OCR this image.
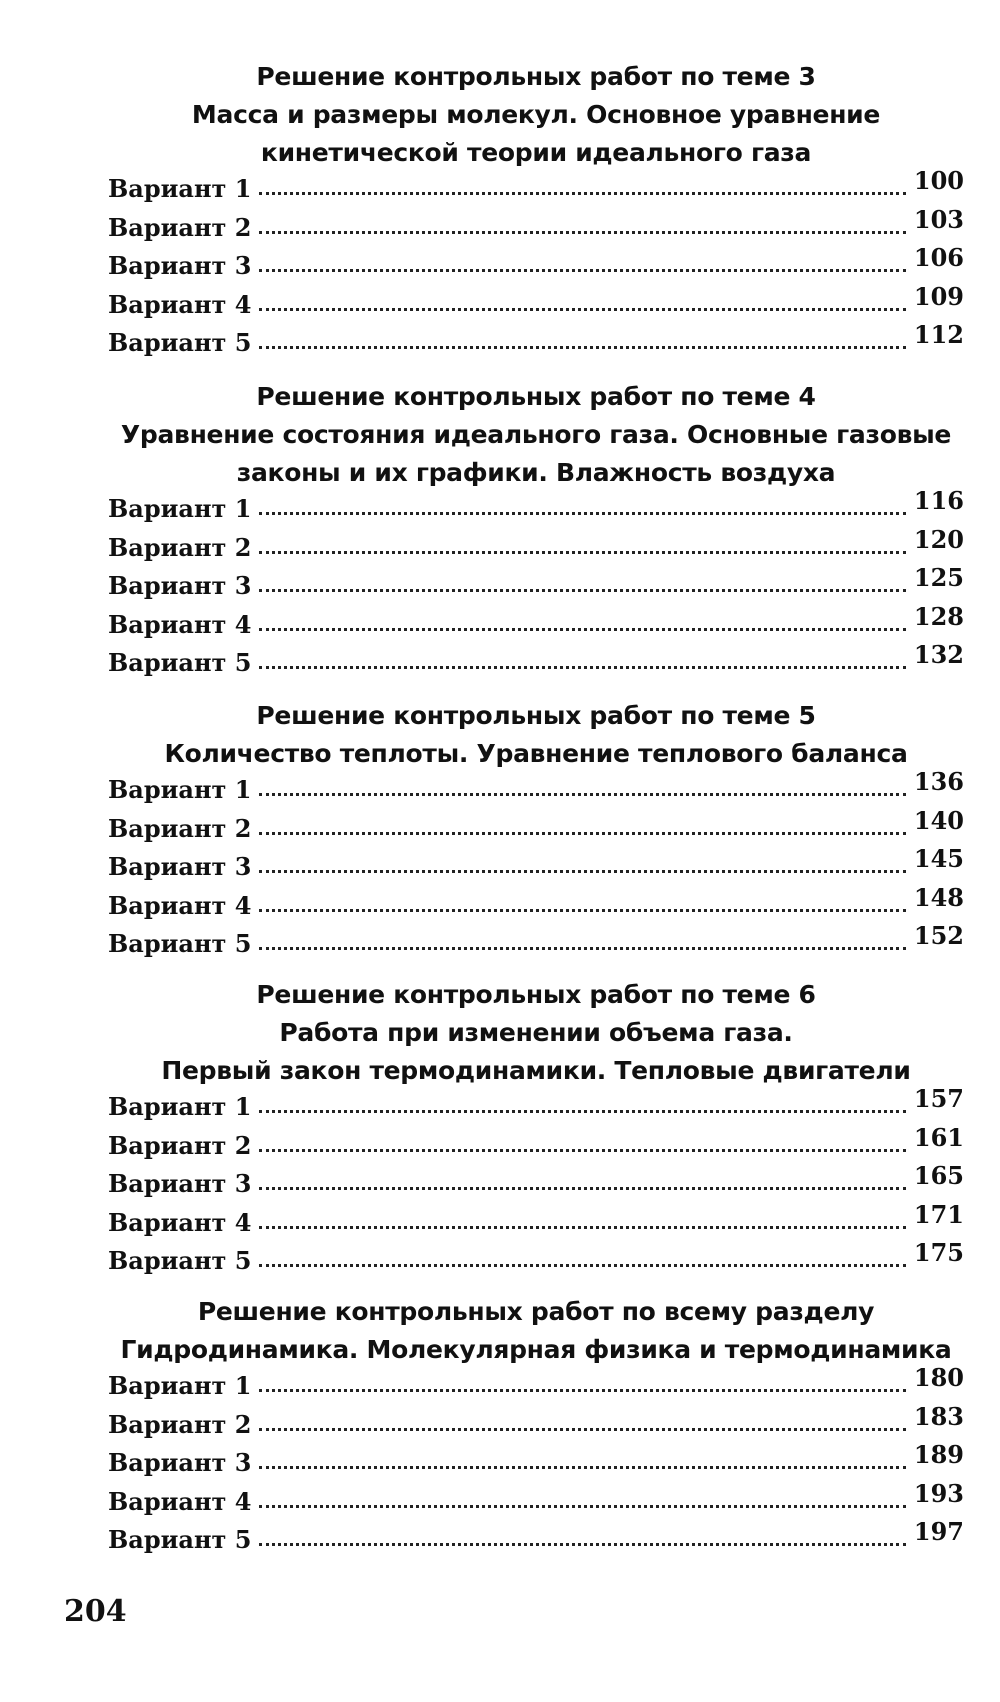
Решение контрольных работ по теме 3
Масса и размеры молекул. Основное уравнение
кинетической теории идеального газа
Вариант 1	100
Вариант 2	103
Вариант 3	106
Вариант 4	109
Вариант 5	112
Решение контрольных работ по теме 4
Уравнение состояния идеального газа. Основные газовые
законы и их графики. Влажность воздуха
Вариант 1	116
Вариант 2	120
Вариант 3	125
Вариант 4	128
Вариант 5	132
Решение контрольных работ по теме 5
Количество теплоты. Уравнение теплового баланса
Вариант 1	136
Вариант 2	140
Вариант 3	145
Вариант 4	148
Вариант 5	152
Решение контрольных работ по теме 6
Работа при изменении объема газа.
Первый закон термодинамики. Тепловые двигатели
Вариант 1	157
Вариант 2	161
Вариант 3	165
Вариант 4	171
Вариант 5	175
Решение контрольных работ по всему разделу
Гидродинамика. Молекулярная физика и термодинамика
Вариант 1	180
Вариант 2	183
Вариант 3	189
Вариант 4	193
Вариант 5	197
204
